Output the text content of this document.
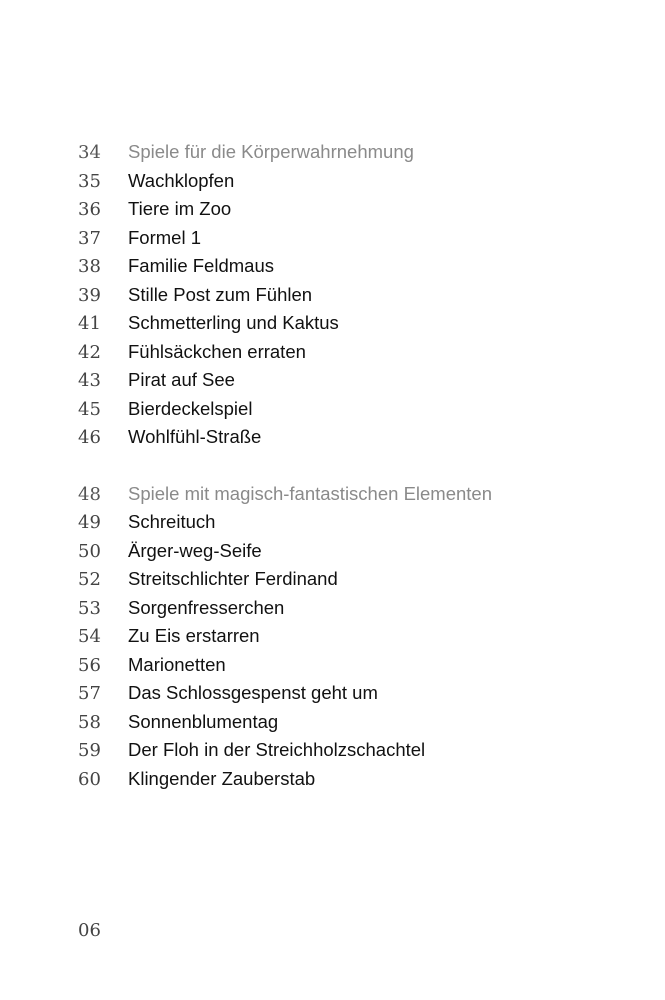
34	Spiele für die Körperwahrnehmung
35	Wachklopfen
36	Tiere im Zoo
37	Formel 1
38	Familie Feldmaus
39	Stille Post zum Fühlen
41	Schmetterling und Kaktus
42	Fühlsäckchen erraten
43	Pirat auf See
45	Bierdeckelspiel
46	Wohlfühl-Straße
48	Spiele mit magisch-fantastischen Elementen
49	Schreituch
50	Ärger-weg-Seife
52	Streitschlichter Ferdinand
53	Sorgenfresserchen
54	Zu Eis erstarren
56	Marionetten
57	Das Schlossgespenst geht um
58	Sonnenblumentag
59	Der Floh in der Streichholzschachtel
60	Klingender Zauberstab
06
